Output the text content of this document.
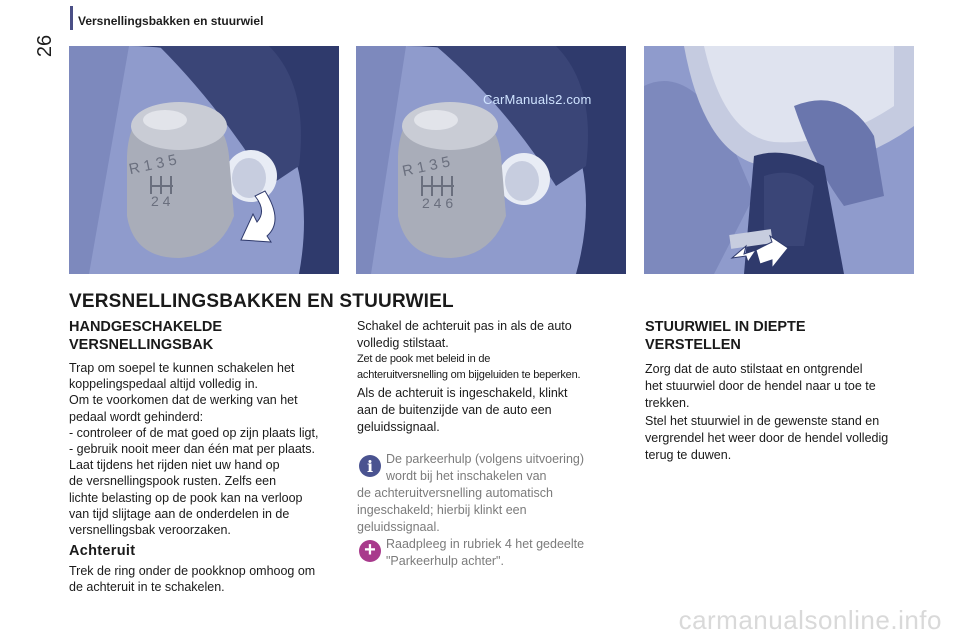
26
Versnellingsbakken en stuurwiel
R 1 3 5
2 4
R 1 3 5
2 4 6
CarManuals2.com
VERSNELLINGSBAKKEN EN STUURWIEL
HANDGESCHAKELDE VERSNELLINGSBAK
Trap om soepel te kunnen schakelen het
koppelingspedaal altijd volledig in.
Om te voorkomen dat de werking van het
pedaal wordt gehinderd:
- controleer of de mat goed op zijn plaats ligt,
- gebruik nooit meer dan één mat per plaats.
Laat tijdens het rijden niet uw hand op
de versnellingspook rusten. Zelfs een
lichte belasting op de pook kan na verloop
van tijd slijtage aan de onderdelen in de
versnellingsbak veroorzaken.
Achteruit
Trek de ring onder de pookknop omhoog om
de achteruit in te schakelen.
Schakel de achteruit pas in als de auto
volledig stilstaat.
Zet de pook met beleid in de
achteruitversnelling om bijgeluiden te beperken.
Als de achteruit is ingeschakeld, klinkt
aan de buitenzijde van de auto een
geluidssignaal.
i	De parkeerhulp (volgens uitvoering)
wordt bij het inschakelen van
de achteruitversnelling automatisch
ingeschakeld; hierbij klinkt een
geluidssignaal.
+ Raadpleeg in rubriek 4 het gedeelte
"Parkeerhulp achter".
STUURWIEL IN DIEPTE VERSTELLEN
Zorg dat de auto stilstaat en ontgrendel
het stuurwiel door de hendel naar u toe te
trekken.
Stel het stuurwiel in de gewenste stand en
vergrendel het weer door de hendel volledig
terug te duwen.
carmanualsonline.info
